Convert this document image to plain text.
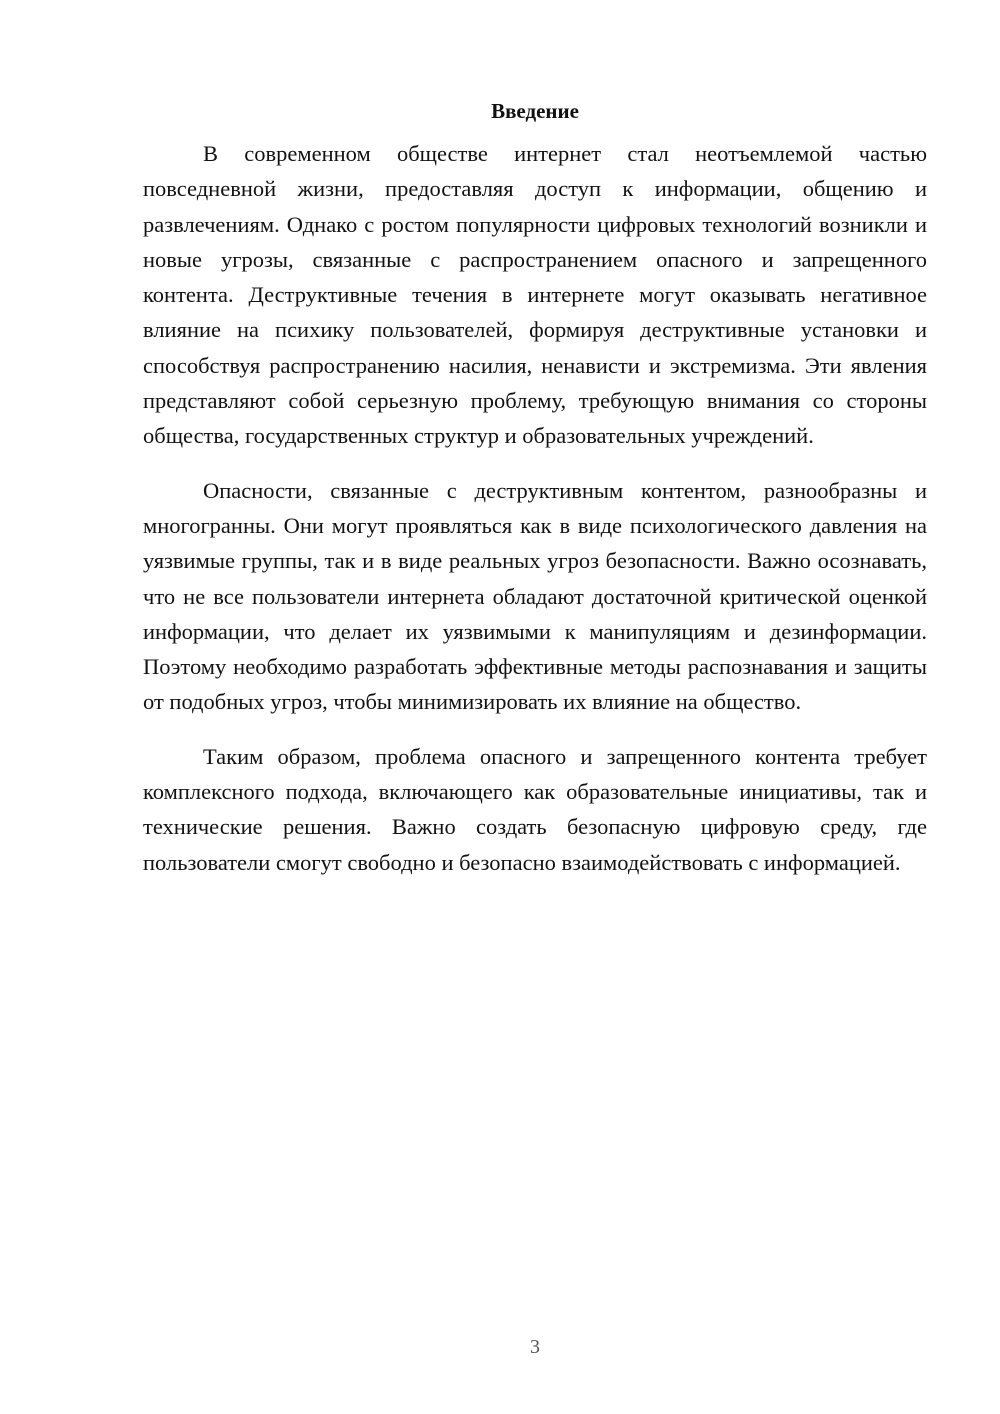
Введение

В современном обществе интернет стал неотъемлемой частью повседневной жизни, предоставляя доступ к информации, общению и развлечениям. Однако с ростом популярности цифровых технологий возникли и новые угрозы, связанные с распространением опасного и запрещенного контента. Деструктивные течения в интернете могут оказывать негативное влияние на психику пользователей, формируя деструктивные установки и способствуя распространению насилия, ненависти и экстремизма. Эти явления представляют собой серьезную проблему, требующую внимания со стороны общества, государственных структур и образовательных учреждений.

Опасности, связанные с деструктивным контентом, разнообразны и многогранны. Они могут проявляться как в виде психологического давления на уязвимые группы, так и в виде реальных угроз безопасности. Важно осознавать, что не все пользователи интернета обладают достаточной критической оценкой информации, что делает их уязвимыми к манипуляциям и дезинформации. Поэтому необходимо разработать эффективные методы распознавания и защиты от подобных угроз, чтобы минимизировать их влияние на общество.

Таким образом, проблема опасного и запрещенного контента требует комплексного подхода, включающего как образовательные инициативы, так и технические решения. Важно создать безопасную цифровую среду, где пользователи смогут свободно и безопасно взаимодействовать с информацией.

3
